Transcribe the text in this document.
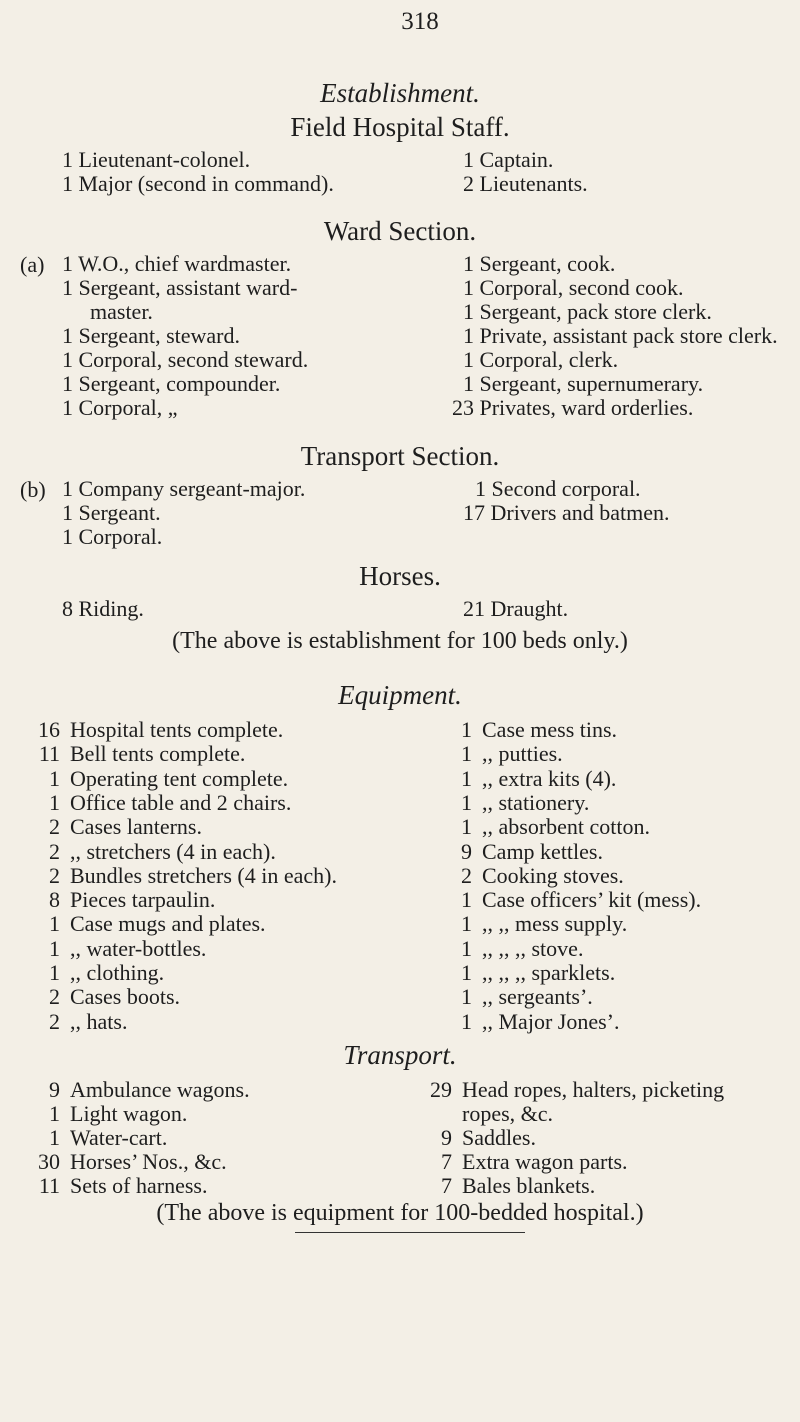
318
Establishment.
Field Hospital Staff.
1 Lieutenant-colonel.
1 Major (second in command).
1 Captain.
2 Lieutenants.
Ward Section.
(a) 1 W.O., chief wardmaster.
1 Sergeant, assistant ward-
master.
1 Sergeant, steward.
1 Corporal, second steward.
1 Sergeant, compounder.
1 Corporal, „
1 Sergeant, cook.
1 Corporal, second cook.
1 Sergeant, pack store clerk.
1 Private, assistant pack store clerk.
1 Corporal, clerk.
1 Sergeant, supernumerary.
23 Privates, ward orderlies.
Transport Section.
(b) 1 Company sergeant-major.
1 Sergeant.
1 Corporal.
1 Second corporal.
17 Drivers and batmen.
Horses.
8 Riding.	21 Draught.
(The above is establishment for 100 beds only.)
Equipment.
16 Hospital tents complete.
11 Bell tents complete.
1 Operating tent complete.
1 Office table and 2 chairs.
2 Cases lanterns.
2 ,, stretchers (4 in each).
2 Bundles stretchers (4 in each).
8 Pieces tarpaulin.
1 Case mugs and plates.
1 ,, water-bottles.
1 ,, clothing.
2 Cases boots.
2 ,, hats.
1 Case mess tins.
1 ,, putties.
1 ,, extra kits (4).
1 ,, stationery.
1 ,, absorbent cotton.
9 Camp kettles.
2 Cooking stoves.
1 Case officers’ kit (mess).
1 ,, ,, mess supply.
1 ,, ,, ,, stove.
1 ,, ,, ,, sparklets.
1 ,, sergeants’.
1 ,, Major Jones’.
Transport.
9 Ambulance wagons.
1 Light wagon.
1 Water-cart.
30 Horses’ Nos., &c.
11 Sets of harness.
29 Head ropes, halters, picketing
ropes, &c.
9 Saddles.
7 Extra wagon parts.
7 Bales blankets.
(The above is equipment for 100-bedded hospital.)
